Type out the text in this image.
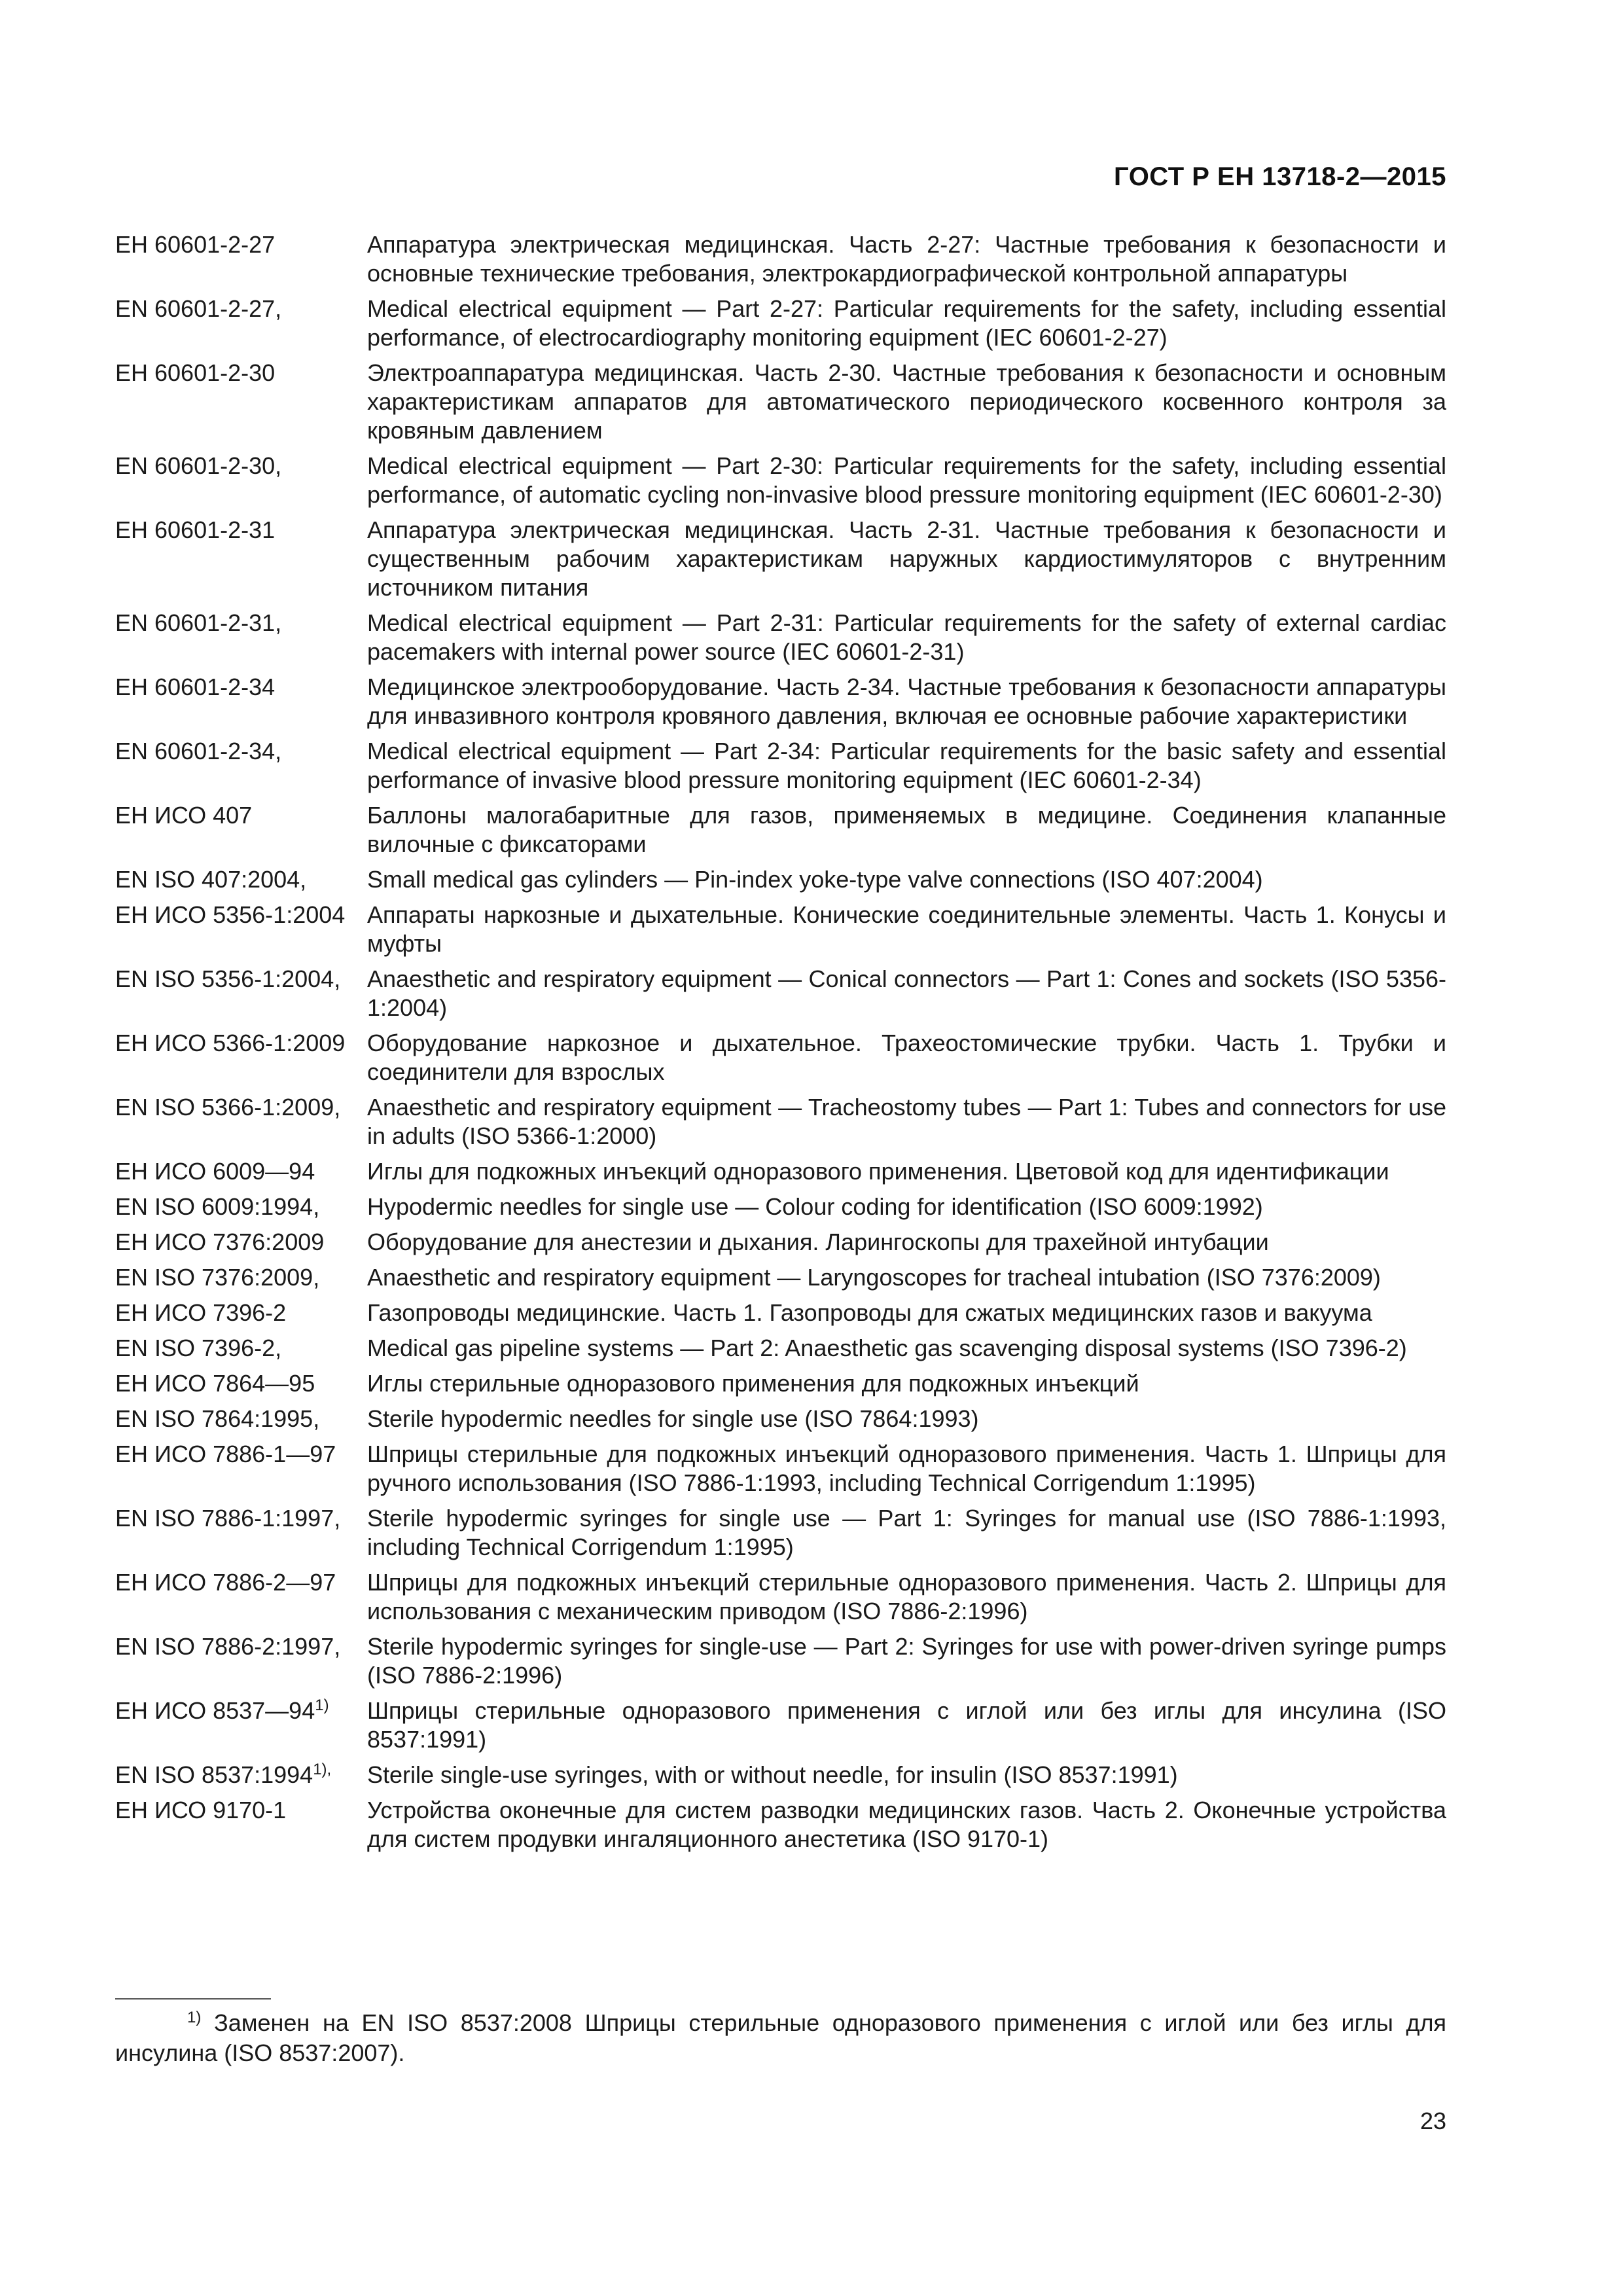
ГОСТ Р ЕН 13718-2—2015
ЕН 60601-2-27	Аппаратура электрическая медицинская. Часть 2-27: Частные требования к безопасности и основные технические требования, электрокардиографической контрольной аппаратуры
EN 60601-2-27,	Medical electrical equipment — Part 2-27: Particular requirements for the safety, including essential performance, of electrocardiography monitoring equipment (IEC 60601-2-27)
ЕН 60601-2-30	Электроаппаратура медицинская. Часть 2-30. Частные требования к безопасности и основным характеристикам аппаратов для автоматического периодического косвенного контроля за кровяным давлением
EN 60601-2-30,	Medical electrical equipment — Part 2-30: Particular requirements for the safety, including essential performance, of automatic cycling non-invasive blood pressure monitoring equipment (IEC 60601-2-30)
ЕН 60601-2-31	Аппаратура электрическая медицинская. Часть 2-31. Частные требования к безопасности и существенным рабочим характеристикам наружных кардиостимуляторов с внутренним источником питания
EN 60601-2-31,	Medical electrical equipment — Part 2-31: Particular requirements for the safety of external cardiac pacemakers with internal power source (IEC 60601-2-31)
ЕН 60601-2-34	Медицинское электрооборудование. Часть 2-34. Частные требования к безопасности аппаратуры для инвазивного контроля кровяного давления, включая ее основные рабочие характеристики
EN 60601-2-34,	Medical electrical equipment — Part 2-34: Particular requirements for the basic safety and essential performance of invasive blood pressure monitoring equipment (IEC 60601-2-34)
ЕН ИСО 407	Баллоны малогабаритные для газов, применяемых в медицине. Соединения клапанные вилочные с фиксаторами
EN ISO 407:2004,	Small medical gas cylinders — Pin-index yoke-type valve connections (ISO 407:2004)
ЕН ИСО 5356-1:2004 Аппараты наркозные и дыхательные. Конические соединительные элементы. Часть 1. Конусы и муфты
EN ISO 5356-1:2004,	Anaesthetic and respiratory equipment — Conical connectors — Part 1: Cones and sockets (ISO 5356-1:2004)
ЕН ИСО 5366-1:2009 Оборудование наркозное и дыхательное. Трахеостомические трубки. Часть 1. Трубки и соединители для взрослых
EN ISO 5366-1:2009,	Anaesthetic and respiratory equipment — Tracheostomy tubes — Part 1: Tubes and connectors for use in adults (ISO 5366-1:2000)
ЕН ИСО 6009—94	Иглы для подкожных инъекций одноразового применения. Цветовой код для идентификации
EN ISO 6009:1994,	Hypodermic needles for single use — Colour coding for identification (ISO 6009:1992)
ЕН ИСО 7376:2009	Оборудование для анестезии и дыхания. Ларингоскопы для трахейной интубации
EN ISO 7376:2009,	Anaesthetic and respiratory equipment — Laryngoscopes for tracheal intubation (ISO 7376:2009)
ЕН ИСО 7396-2	Газопроводы медицинские. Часть 1. Газопроводы для сжатых медицинских газов и вакуума
EN ISO 7396-2,	Medical gas pipeline systems — Part 2: Anaesthetic gas scavenging disposal systems (ISO 7396-2)
ЕН ИСО 7864—95	Иглы стерильные одноразового применения для подкожных инъекций
EN ISO 7864:1995,	Sterile hypodermic needles for single use (ISO 7864:1993)
ЕН ИСО 7886-1—97	Шприцы стерильные для подкожных инъекций одноразового применения. Часть 1. Шприцы для ручного использования (ISO 7886-1:1993, including Technical Corrigendum 1:1995)
EN ISO 7886-1:1997,	Sterile hypodermic syringes for single use — Part 1: Syringes for manual use (ISO 7886-1:1993, including Technical Corrigendum 1:1995)
ЕН ИСО 7886-2—97	Шприцы для подкожных инъекций стерильные одноразового применения. Часть 2. Шприцы для использования с механическим приводом (ISO 7886-2:1996)
EN ISO 7886-2:1997,	Sterile hypodermic syringes for single-use — Part 2: Syringes for use with power-driven syringe pumps (ISO 7886-2:1996)
ЕН ИСО 8537—94$^{1)}$	Шприцы стерильные одноразового применения с иглой или без иглы для инсулина (ISO 8537:1991)
EN ISO $8537:1994^{1),}$	Sterile single-use syringes, with or without needle, for insulin (ISO 8537:1991)
ЕН ИСО 9170-1	Устройства оконечные для систем разводки медицинских газов. Часть 2. Оконечные устройства для систем продувки ингаляционного анестетика (ISO 9170-1)
$^{1)}$ Заменен на EN ISO 8537:2008 Шприцы стерильные одноразового применения с иглой или без иглы для инсулина (ISO 8537:2007).
23
